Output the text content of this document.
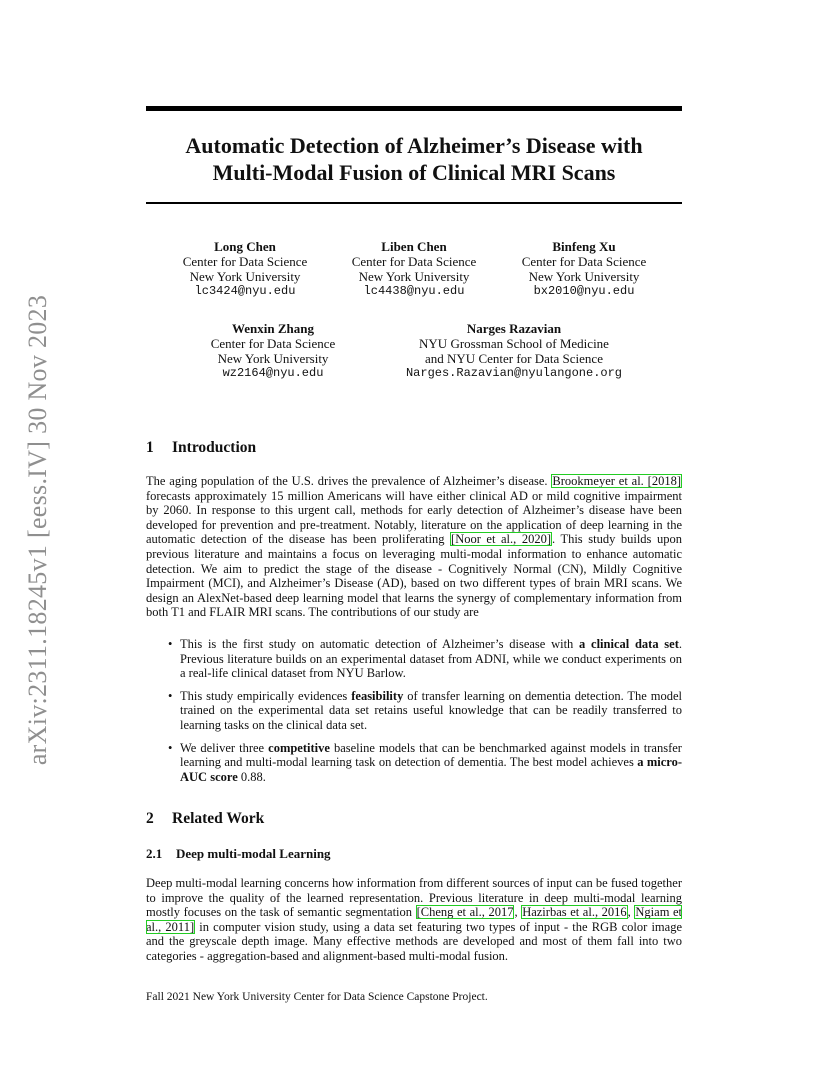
arXiv:2311.18245v1 [eess.IV] 30 Nov 2023
Automatic Detection of Alzheimer’s Disease with
Multi-Modal Fusion of Clinical MRI Scans
Long Chen
Center for Data Science
New York University
lc3424@nyu.edu
Liben Chen
Center for Data Science
New York University
lc4438@nyu.edu
Binfeng Xu
Center for Data Science
New York University
bx2010@nyu.edu
Wenxin Zhang
Center for Data Science
New York University
wz2164@nyu.edu
Narges Razavian
NYU Grossman School of Medicine
and NYU Center for Data Science
Narges.Razavian@nyulangone.org
1 Introduction
The aging population of the U.S. drives the prevalence of Alzheimer’s disease. Brookmeyer et al. [2018] forecasts approximately 15 million Americans will have either clinical AD or mild cognitive impairment by 2060. In response to this urgent call, methods for early detection of Alzheimer’s disease have been developed for prevention and pre-treatment. Notably, literature on the application of deep learning in the automatic detection of the disease has been proliferating [Noor et al., 2020]. This study builds upon previous literature and maintains a focus on leveraging multi-modal information to enhance automatic detection. We aim to predict the stage of the disease - Cognitively Normal (CN), Mildly Cognitive Impairment (MCI), and Alzheimer’s Disease (AD), based on two different types of brain MRI scans. We design an AlexNet-based deep learning model that learns the synergy of complementary information from both T1 and FLAIR MRI scans. The contributions of our study are
• This is the first study on automatic detection of Alzheimer’s disease with a clinical data set. Previous literature builds on an experimental dataset from ADNI, while we conduct experiments on a real-life clinical dataset from NYU Barlow.
• This study empirically evidences feasibility of transfer learning on dementia detection. The model trained on the experimental data set retains useful knowledge that can be readily transferred to learning tasks on the clinical data set.
• We deliver three competitive baseline models that can be benchmarked against models in transfer learning and multi-modal learning task on detection of dementia. The best model achieves a micro-AUC score 0.88.
2 Related Work
2.1 Deep multi-modal Learning
Deep multi-modal learning concerns how information from different sources of input can be fused together to improve the quality of the learned representation. Previous literature in deep multi-modal learning mostly focuses on the task of semantic segmentation [Cheng et al., 2017, Hazirbas et al., 2016, Ngiam et al., 2011] in computer vision study, using a data set featuring two types of input - the RGB color image and the greyscale depth image. Many effective methods are developed and most of them fall into two categories - aggregation-based and alignment-based multi-modal fusion.
Fall 2021 New York University Center for Data Science Capstone Project.
